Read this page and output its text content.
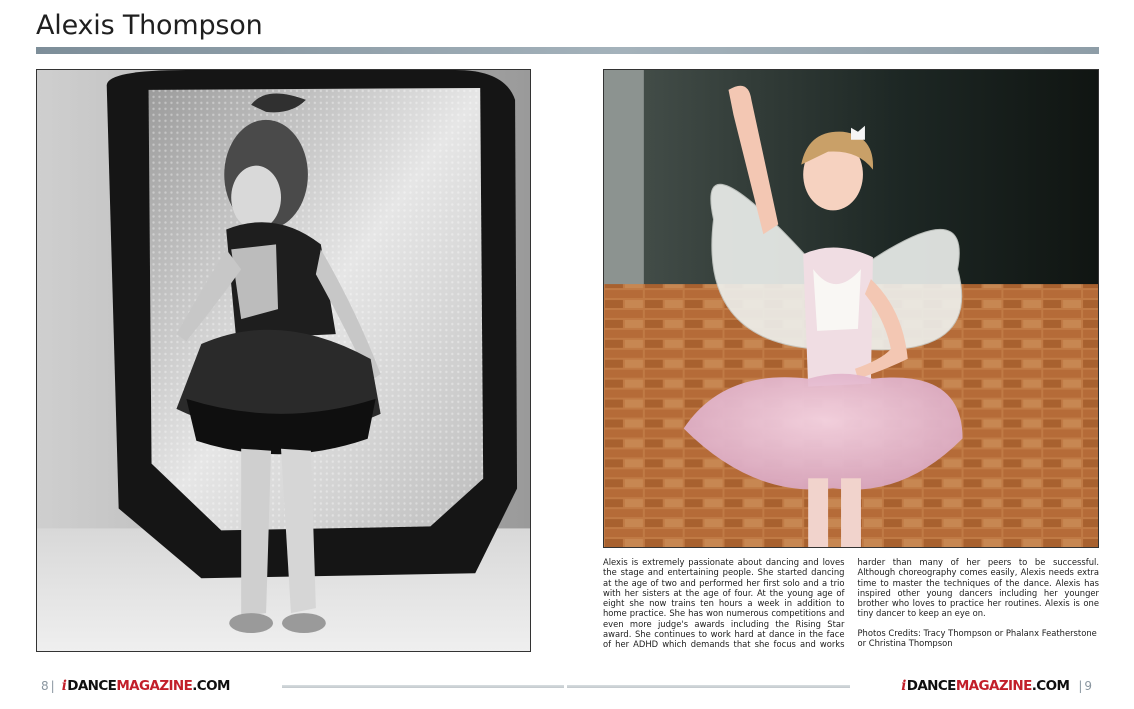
Alexis Thompson

Alexis is extremely passionate about dancing and loves the stage and entertaining people. She started dancing at the age of two and performed her first solo and a trio with her sisters at the age of four. At the young age of eight she now trains ten hours a week in addition to home practice. She has won numerous competitions and even more judge's awards including the Rising Star award. She continues to work hard at dance in the face of her ADHD which demands that she focus and works harder than many of her peers to be successful. Although choreography comes easily, Alexis needs extra time to master the techniques of the dance. Alexis has inspired other young dancers including her younger brother who loves to practice her routines. Alexis is one tiny dancer to keep an eye on.

Photos Credits: Tracy Thompson or Phalanx Featherstone or Christina Thompson

8 | i DANCE MAGAZINE .COM	i DANCE MAGAZINE .COM | 9
